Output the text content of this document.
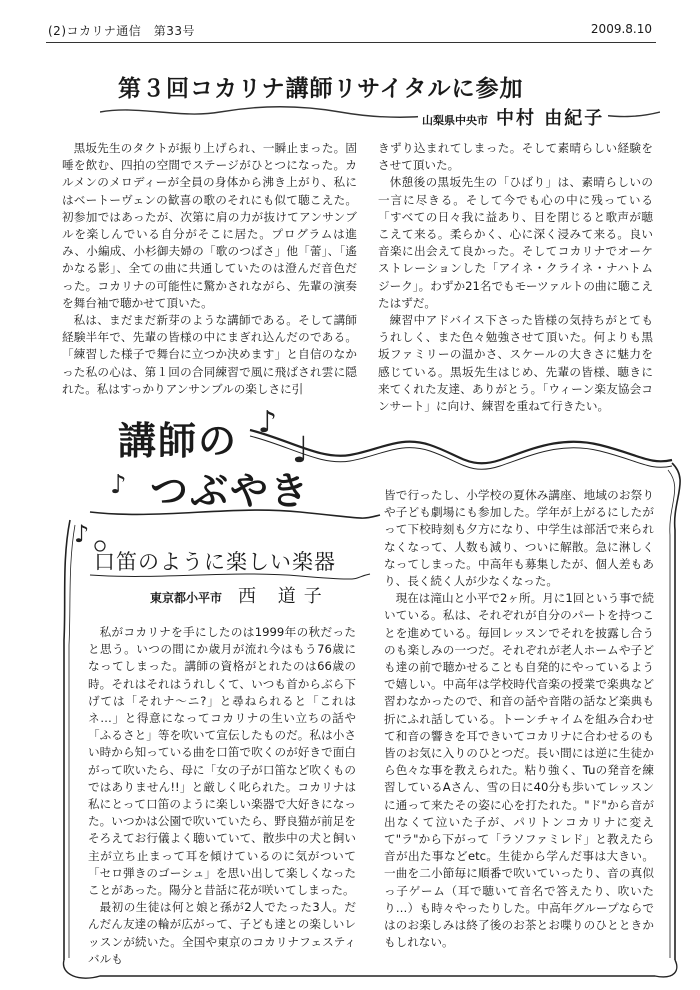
(2)コカリナ通信　第33号	2009.8.10
第３回コカリナ講師リサイタルに参加
山梨県中央市 中村 由紀子

黒坂先生のタクトが振り上げられ、一瞬止まった。固唾を飲む、四拍の空間でステージがひとつになった。カルメンのメロディーが全員の身体から沸き上がり、私にはベートーヴェンの歓喜の歌のそれにも似て聴こえた。初参加ではあったが、次第に肩の力が抜けてアンサンブルを楽しんでいる自分がそこに居た。プログラムは進み、小編成、小杉御夫婦の「歌のつばさ」他「蕾」、「遙かなる影」、全ての曲に共通していたのは澄んだ音色だった。コカリナの可能性に驚かされながら、先輩の演奏を舞台袖で聴かせて頂いた。

私は、まだまだ新芽のような講師である。そして講師経験半年で、先輩の皆様の中にまぎれ込んだのである。「練習した様子で舞台に立つか決めます」と自信のなかった私の心は、第１回の合同練習で風に飛ばされ雲に隠れた。私はすっかりアンサンブルの楽しさに引

きずり込まれてしまった。そして素晴らしい経験をさせて頂いた。

休憩後の黒坂先生の「ひばり」は、素晴らしいの一言に尽きる。そして今でも心の中に残っている「すべての日々我に益あり、目を閉じると歌声が聴こえて来る。柔らかく、心に深く浸みて来る。良い音楽に出会えて良かった。そしてコカリナでオーケストレーションした「アイネ・クライネ・ナハトムジーク」。わずか21名でもモーツァルトの曲に聴こえたはずだ。

練習中アドバイス下さった皆様の気持ちがとてもうれしく、また色々勉強させて頂いた。何よりも黒坂ファミリーの温かさ、スケールの大きさに魅力を感じている。黒坂先生はじめ、先輩の皆様、聴きに来てくれた友達、ありがとう。「ウィーン楽友協会コンサート」に向け、練習を重ねて行きたい。

講師の
つぶやき
♪
♩
♪
♪
口笛のように楽しい楽器
東京都小平市 西 道子

私がコカリナを手にしたのは1999年の秋だったと思う。いつの間にか歳月が流れ今はもう76歳になってしまった。講師の資格がとれたのは66歳の時。それはそれはうれしくて、いつも首からぶら下げては「それナ〜ニ?」と尋ねられると「これはネ…」と得意になってコカリナの生い立ちの話や「ふるさと」等を吹いて宣伝したものだ。私は小さい時から知っている曲を口笛で吹くのが好きで面白がって吹いたら、母に「女の子が口笛など吹くものではありません!!」と厳しく叱られた。コカリナは私にとって口笛のように楽しい楽器で大好きになった。いつかは公園で吹いていたら、野良猫が前足をそろえてお行儀よく聴いていて、散歩中の犬と飼い主が立ち止まって耳を傾けているのに気がついて「セロ弾きのゴーシュ」を思い出して楽しくなったことがあった。陽分と昔話に花が咲いてしまった。

最初の生徒は何と娘と孫が2人でたった3人。だんだん友達の輪が広がって、子ども達との楽しいレッスンが続いた。全国や東京のコカリナフェスティバルも

皆で行ったし、小学校の夏休み講座、地域のお祭りや子ども劇場にも参加した。学年が上がるにしたがって下校時刻も夕方になり、中学生は部活で来られなくなって、人数も減り、ついに解散。急に淋しくなってしまった。中高年も募集したが、個人差もあり、長く続く人が少なくなった。

現在は滝山と小平で2ヶ所。月に1回という事で続いている。私は、それぞれが自分のパートを持つことを進めている。毎回レッスンでそれを披露し合うのも楽しみの一つだ。それぞれが老人ホームや子ども達の前で聴かせることも自発的にやっているようで嬉しい。中高年は学校時代音楽の授業で楽典など習わなかったので、和音の話や音階の話など楽典も折にふれ話している。トーンチャイムを組み合わせて和音の響きを耳できいてコカリナに合わせるのも皆のお気に入りのひとつだ。長い間には逆に生徒から色々な事を教えられた。粘り強く、Tuの発音を練習しているAさん、雪の日に40分も歩いてレッスンに通って来たその姿に心を打たれた。"ド"から音が出なくて泣いた子が、パリトンコカリナに変えて"ラ"から下がって「ラソファミレド」と教えたら音が出た事などetc。生徒から学んだ事は大きい。一曲を二小節毎に順番で吹いていったり、音の真似っ子ゲーム（耳で聴いて音名で答えたり、吹いたり…）も時々やったりした。中高年グループならではのお楽しみは終了後のお茶とお喋りのひとときかもしれない。
